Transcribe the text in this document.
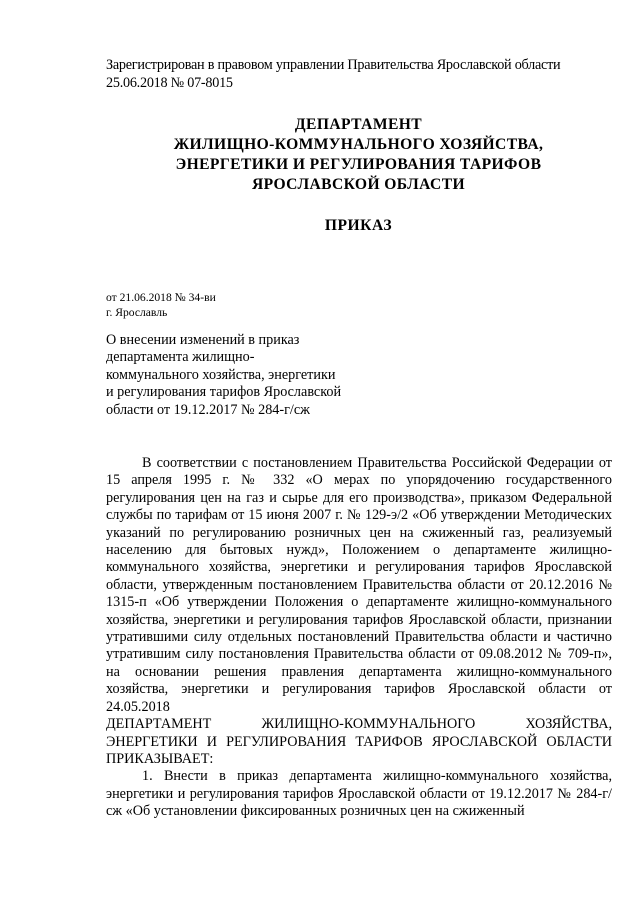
Зарегистрирован в правовом управлении Правительства Ярославской области
25.06.2018 № 07-8015
ДЕПАРТАМЕНТ
ЖИЛИЩНО-КОММУНАЛЬНОГО ХОЗЯЙСТВА,
ЭНЕРГЕТИКИ И РЕГУЛИРОВАНИЯ ТАРИФОВ
ЯРОСЛАВСКОЙ ОБЛАСТИ
ПРИКАЗ
от 21.06.2018 № 34-ви
г. Ярославль
О внесении изменений в приказ департамента жилищно-коммунального хозяйства, энергетики и регулирования тарифов Ярославской области от 19.12.2017 № 284-г/сж

В соответствии с постановлением Правительства Российской Федерации от 15 апреля 1995 г. № 332 «О мерах по упорядочению государственного регулирования цен на газ и сырье для его производства», приказом Федеральной службы по тарифам от 15 июня 2007 г. № 129-э/2 «Об утверждении Методических указаний по регулированию розничных цен на сжиженный газ, реализуемый населению для бытовых нужд», Положением о департаменте жилищно-коммунального хозяйства, энергетики и регулирования тарифов Ярославской области, утвержденным постановлением Правительства области от 20.12.2016 № 1315-п «Об утверждении Положения о департаменте жилищно-коммунального хозяйства, энергетики и регулирования тарифов Ярославской области, признании утратившими силу отдельных постановлений Правительства области и частично утратившим силу постановления Правительства области от 09.08.2012 № 709-п», на основании решения правления департамента жилищно-коммунального хозяйства, энергетики и регулирования тарифов Ярославской области от 24.05.2018

ДЕПАРТАМЕНТ ЖИЛИЩНО-КОММУНАЛЬНОГО ХОЗЯЙСТВА, ЭНЕРГЕТИКИ И РЕГУЛИРОВАНИЯ ТАРИФОВ ЯРОСЛАВСКОЙ ОБЛАСТИ ПРИКАЗЫВАЕТ:

1. Внести в приказ департамента жилищно-коммунального хозяйства, энергетики и регулирования тарифов Ярославской области от 19.12.2017 № 284-г/сж «Об установлении фиксированных розничных цен на сжиженный
